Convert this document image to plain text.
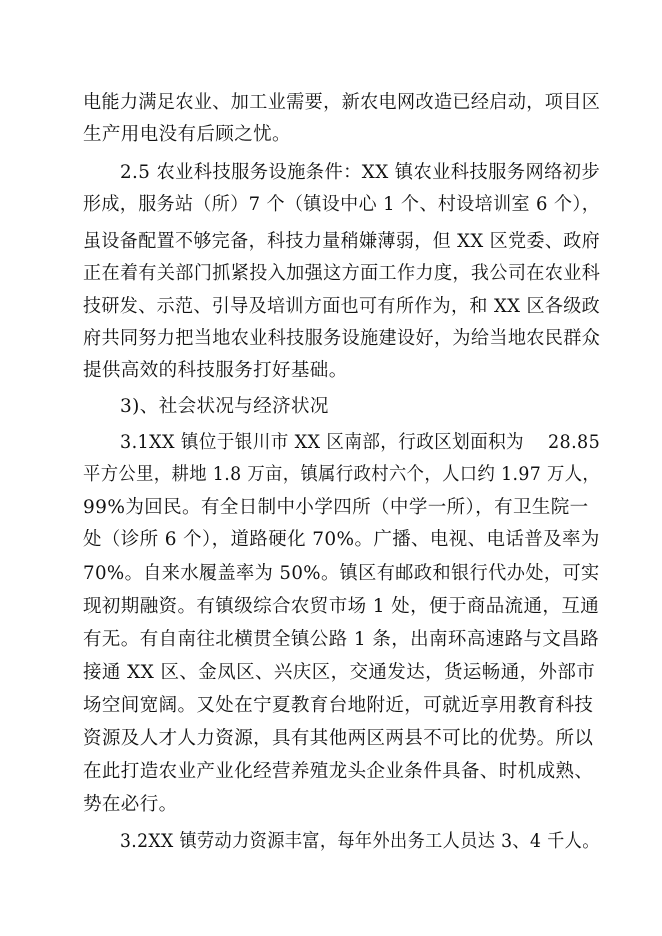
电能力满足农业、加工业需要，新农电网改造已经启动，项目区
生产用电没有后顾之忧。
2.5 农业科技服务设施条件：XX 镇农业科技服务网络初步
形成，服务站（所）7 个（镇设中心 1 个、村设培训室 6 个），
虽设备配置不够完备，科技力量稍嫌薄弱，但 XX 区党委、政府
正在着有关部门抓紧投入加强这方面工作力度，我公司在农业科
技研发、示范、引导及培训方面也可有所作为，和 XX 区各级政
府共同努力把当地农业科技服务设施建设好，为给当地农民群众
提供高效的科技服务打好基础。
3)、社会状况与经济状况
3.1XX 镇位于银川市 XX 区南部，行政区划面积为　 28.85
平方公里，耕地 1.8 万亩，镇属行政村六个，人口约 1.97 万人，
99%为回民。有全日制中小学四所（中学一所），有卫生院一
处（诊所 6 个），道路硬化 70%。广播、电视、电话普及率为
70%。自来水履盖率为 50%。镇区有邮政和银行代办处，可实
现初期融资。有镇级综合农贸市场 1 处，便于商品流通，互通
有无。有自南往北横贯全镇公路 1 条，出南环高速路与文昌路
接通 XX 区、金凤区、兴庆区，交通发达，货运畅通，外部市
场空间宽阔。又处在宁夏教育台地附近，可就近享用教育科技
资源及人才人力资源，具有其他两区两县不可比的优势。所以
在此打造农业产业化经营养殖龙头企业条件具备、时机成熟、
势在必行。
3.2XX 镇劳动力资源丰富，每年外出务工人员达 3、4 千人。
